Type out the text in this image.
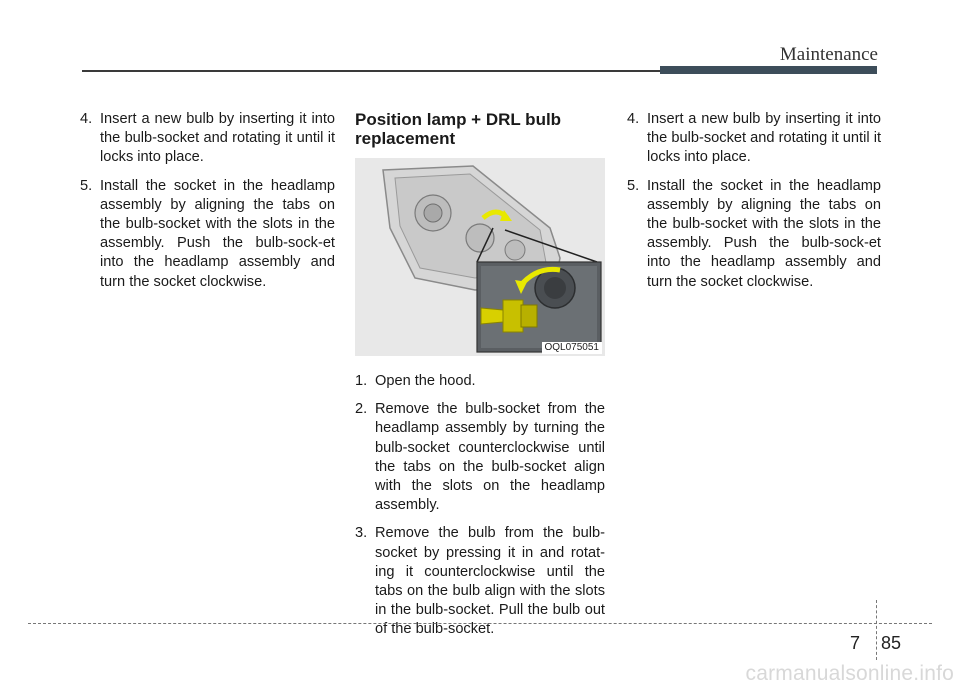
Maintenance
4. Insert a new bulb by inserting it into the bulb-socket and rotating it until it locks into place.
5. Install the socket in the headlamp assembly by aligning the tabs on the bulb-socket with the slots in the assembly. Push the bulb-sock-et into the headlamp assembly and turn the socket clockwise.
Position lamp + DRL bulb replacement
OQL075051
1. Open the hood.
2. Remove the bulb-socket from the headlamp assembly by turning the bulb-socket counterclockwise until the tabs on the bulb-socket align with the slots on the headlamp assembly.
3. Remove the bulb from the bulb-socket by pressing it in and rotat-ing it counterclockwise until the tabs on the bulb align with the slots in the bulb-socket. Pull the bulb out of the bulb-socket.
4. Insert a new bulb by inserting it into the bulb-socket and rotating it until it locks into place.
5. Install the socket in the headlamp assembly by aligning the tabs on the bulb-socket with the slots in the assembly. Push the bulb-sock-et into the headlamp assembly and turn the socket clockwise.
7 85
carmanualsonline.info
